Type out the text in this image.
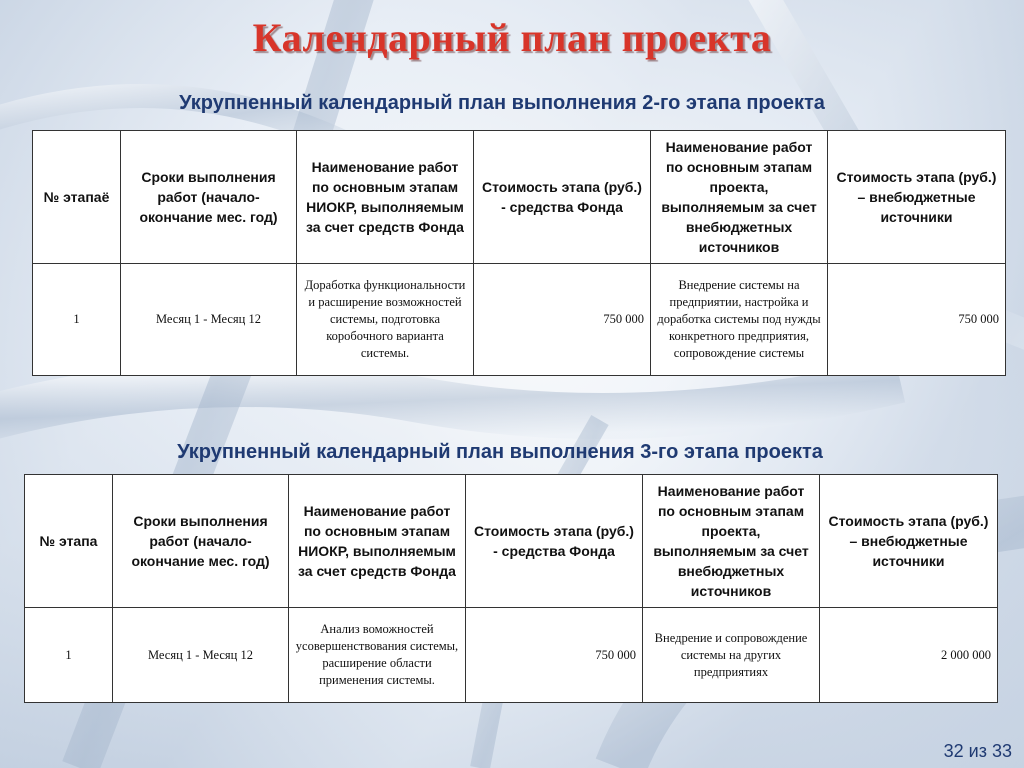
Календарный план проекта
Укрупненный календарный план выполнения 2-го этапа проекта
№ этапаё	Сроки выполнения работ (начало-окончание мес. год)	Наименование работ по основным этапам НИОКР, выполняемым за счет средств Фонда	Стоимость этапа (руб.) - средства Фонда	Наименование работ по основным этапам проекта, выполняемым за счет внебюджетных источников	Стоимость этапа (руб.) – внебюджетные источники
1	Месяц 1 - Месяц 12	Доработка функциональности и расширение возможностей системы, подготовка коробочного варианта системы.	750 000	Внедрение системы на предприятии, настройка и доработка системы под нужды конкретного предприятия, сопровождение системы	750 000
Укрупненный календарный план выполнения 3-го этапа проекта
№ этапа	Сроки выполнения работ (начало-окончание мес. год)	Наименование работ по основным этапам НИОКР, выполняемым за счет средств Фонда	Стоимость этапа (руб.) - средства Фонда	Наименование работ по основным этапам проекта, выполняемым за счет внебюджетных источников	Стоимость этапа (руб.) – внебюджетные источники
1	Месяц 1 - Месяц 12	Анализ воможностей усовершенствования системы, расширение области применения системы.	750 000	Внедрение и сопровождение системы на других предприятиях	2 000 000
32 из 33
